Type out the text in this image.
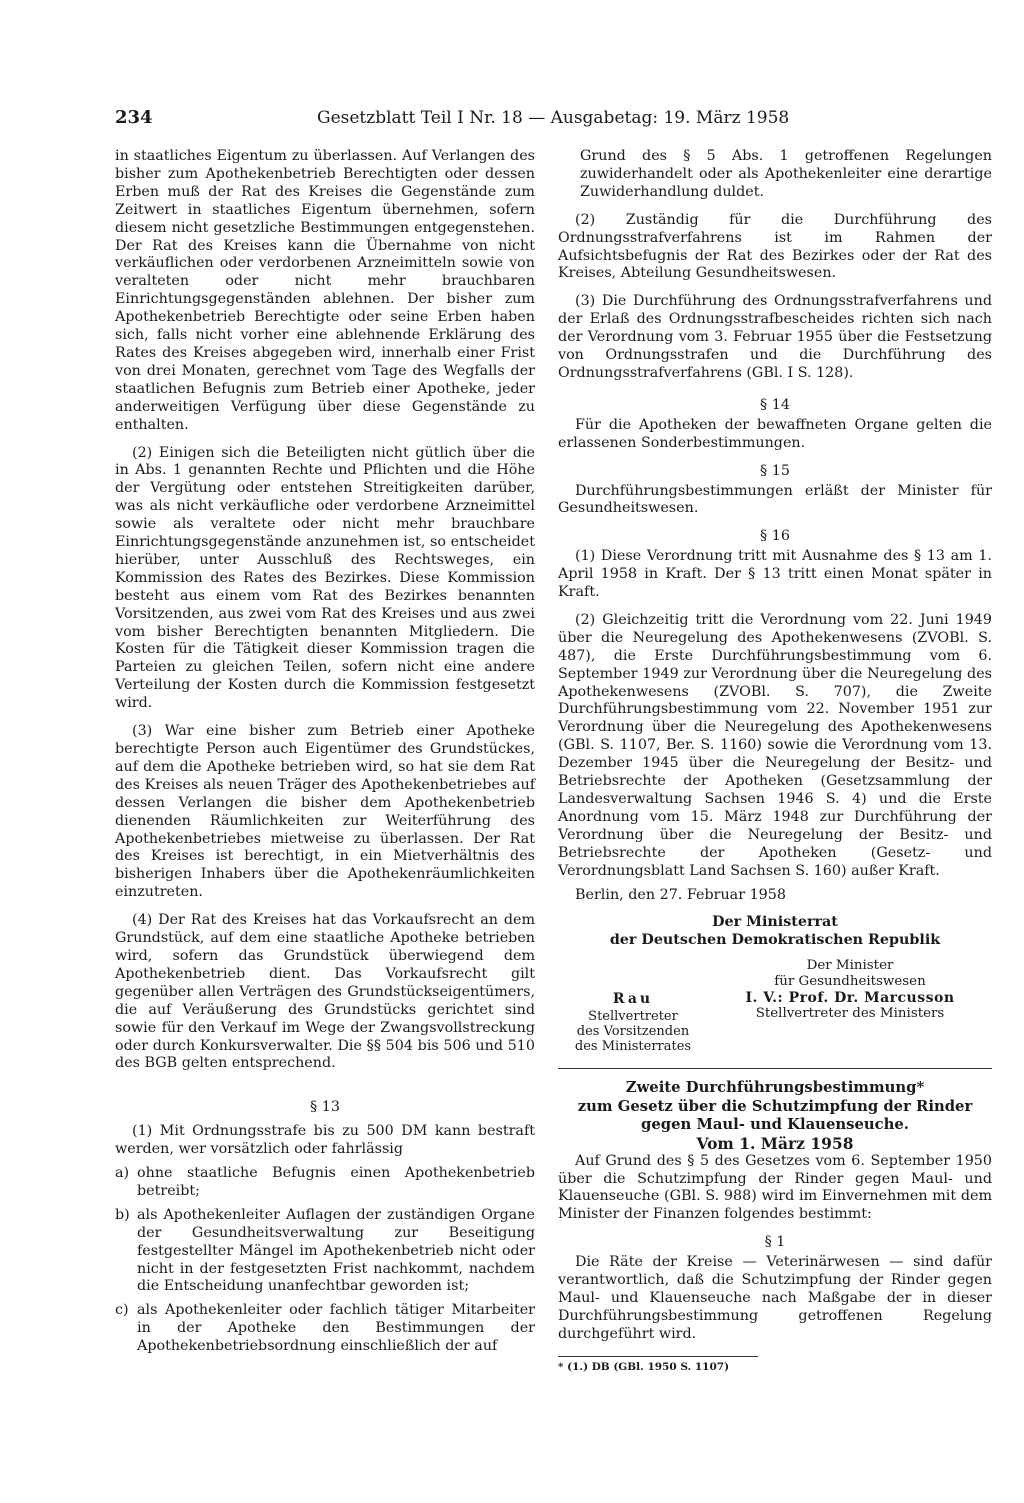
234	Gesetzblatt Teil I Nr. 18 — Ausgabetag: 19. März 1958

in staatliches Eigentum zu überlassen. Auf Verlangen des bisher zum Apothekenbetrieb Berechtigten oder dessen Erben muß der Rat des Kreises die Gegenstände zum Zeitwert in staatliches Eigentum übernehmen, sofern diesem nicht gesetzliche Bestimmungen entgegenstehen. Der Rat des Kreises kann die Übernahme von nicht verkäuflichen oder verdorbenen Arzneimitteln sowie von veralteten oder nicht mehr brauchbaren Einrichtungsgegenständen ablehnen. Der bisher zum Apothekenbetrieb Berechtigte oder seine Erben haben sich, falls nicht vorher eine ablehnende Erklärung des Rates des Kreises abgegeben wird, innerhalb einer Frist von drei Monaten, gerechnet vom Tage des Wegfalls der staatlichen Befugnis zum Betrieb einer Apotheke, jeder anderweitigen Verfügung über diese Gegenstände zu enthalten.

(2) Einigen sich die Beteiligten nicht gütlich über die in Abs. 1 genannten Rechte und Pflichten und die Höhe der Vergütung oder entstehen Streitigkeiten darüber, was als nicht verkäufliche oder verdorbene Arzneimittel sowie als veraltete oder nicht mehr brauchbare Einrichtungsgegenstände anzunehmen ist, so entscheidet hierüber, unter Ausschluß des Rechtsweges, ein Kommission des Rates des Bezirkes. Diese Kommission besteht aus einem vom Rat des Bezirkes benannten Vorsitzenden, aus zwei vom Rat des Kreises und aus zwei vom bisher Berechtigten benannten Mitgliedern. Die Kosten für die Tätigkeit dieser Kommission tragen die Parteien zu gleichen Teilen, sofern nicht eine andere Verteilung der Kosten durch die Kommission festgesetzt wird.

(3) War eine bisher zum Betrieb einer Apotheke berechtigte Person auch Eigentümer des Grundstückes, auf dem die Apotheke betrieben wird, so hat sie dem Rat des Kreises als neuen Träger des Apothekenbetriebes auf dessen Verlangen die bisher dem Apothekenbetrieb dienenden Räumlichkeiten zur Weiterführung des Apothekenbetriebes mietweise zu überlassen. Der Rat des Kreises ist berechtigt, in ein Mietverhältnis des bisherigen Inhabers über die Apothekenräumlichkeiten einzutreten.

(4) Der Rat des Kreises hat das Vorkaufsrecht an dem Grundstück, auf dem eine staatliche Apotheke betrieben wird, sofern das Grundstück überwiegend dem Apothekenbetrieb dient. Das Vorkaufsrecht gilt gegenüber allen Verträgen des Grundstückseigentümers, die auf Veräußerung des Grundstücks gerichtet sind sowie für den Verkauf im Wege der Zwangsvollstreckung oder durch Konkursverwalter. Die §§ 504 bis 506 und 510 des BGB gelten entsprechend.

§ 13

(1) Mit Ordnungsstrafe bis zu 500 DM kann bestraft werden, wer vorsätzlich oder fahrlässig

a) ohne staatliche Befugnis einen Apothekenbetrieb betreibt;
b) als Apothekenleiter Auflagen der zuständigen Organe der Gesundheitsverwaltung zur Beseitigung festgestellter Mängel im Apothekenbetrieb nicht oder nicht in der festgesetzten Frist nachkommt, nachdem die Entscheidung unanfechtbar geworden ist;
c) als Apothekenleiter oder fachlich tätiger Mitarbeiter in der Apotheke den Bestimmungen der Apothekenbetriebsordnung einschließlich der auf
Grund des § 5 Abs. 1 getroffenen Regelungen zuwiderhandelt oder als Apothekenleiter eine derartige Zuwiderhandlung duldet.

(2) Zuständig für die Durchführung des Ordnungsstrafverfahrens ist im Rahmen der Aufsichtsbefugnis der Rat des Bezirkes oder der Rat des Kreises, Abteilung Gesundheitswesen.

(3) Die Durchführung des Ordnungsstrafverfahrens und der Erlaß des Ordnungsstrafbescheides richten sich nach der Verordnung vom 3. Februar 1955 über die Festsetzung von Ordnungsstrafen und die Durchführung des Ordnungsstrafverfahrens (GBl. I S. 128).

§ 14

Für die Apotheken der bewaffneten Organe gelten die erlassenen Sonderbestimmungen.

§ 15

Durchführungsbestimmungen erläßt der Minister für Gesundheitswesen.

§ 16

(1) Diese Verordnung tritt mit Ausnahme des § 13 am 1. April 1958 in Kraft. Der § 13 tritt einen Monat später in Kraft.

(2) Gleichzeitig tritt die Verordnung vom 22. Juni 1949 über die Neuregelung des Apothekenwesens (ZVOBl. S. 487), die Erste Durchführungsbestimmung vom 6. September 1949 zur Verordnung über die Neuregelung des Apothekenwesens (ZVOBl. S. 707), die Zweite Durchführungsbestimmung vom 22. November 1951 zur Verordnung über die Neuregelung des Apothekenwesens (GBl. S. 1107, Ber. S. 1160) sowie die Verordnung vom 13. Dezember 1945 über die Neuregelung der Besitz- und Betriebsrechte der Apotheken (Gesetzsammlung der Landesverwaltung Sachsen 1946 S. 4) und die Erste Anordnung vom 15. März 1948 zur Durchführung der Verordnung über die Neuregelung der Besitz- und Betriebsrechte der Apotheken (Gesetz- und Verordnungsblatt Land Sachsen S. 160) außer Kraft.

Berlin, den 27. Februar 1958

Der Ministerrat

der Deutschen Demokratischen Republik

Rau
Stellvertreter
des Vorsitzenden
des Ministerrates
Der Minister
für Gesundheitswesen
I. V.: Prof. Dr. Marcusson
Stellvertreter des Ministers
Zweite Durchführungsbestimmung*
zum Gesetz über die Schutzimpfung der Rinder
gegen Maul- und Klauenseuche.

Vom 1. März 1958

Auf Grund des § 5 des Gesetzes vom 6. September 1950 über die Schutzimpfung der Rinder gegen Maul- und Klauenseuche (GBl. S. 988) wird im Einvernehmen mit dem Minister der Finanzen folgendes bestimmt:

§ 1

Die Räte der Kreise — Veterinärwesen — sind dafür verantwortlich, daß die Schutzimpfung der Rinder gegen Maul- und Klauenseuche nach Maßgabe der in dieser Durchführungsbestimmung getroffenen Regelung durchgeführt wird.

* (1.) DB (GBl. 1950 S. 1107)
